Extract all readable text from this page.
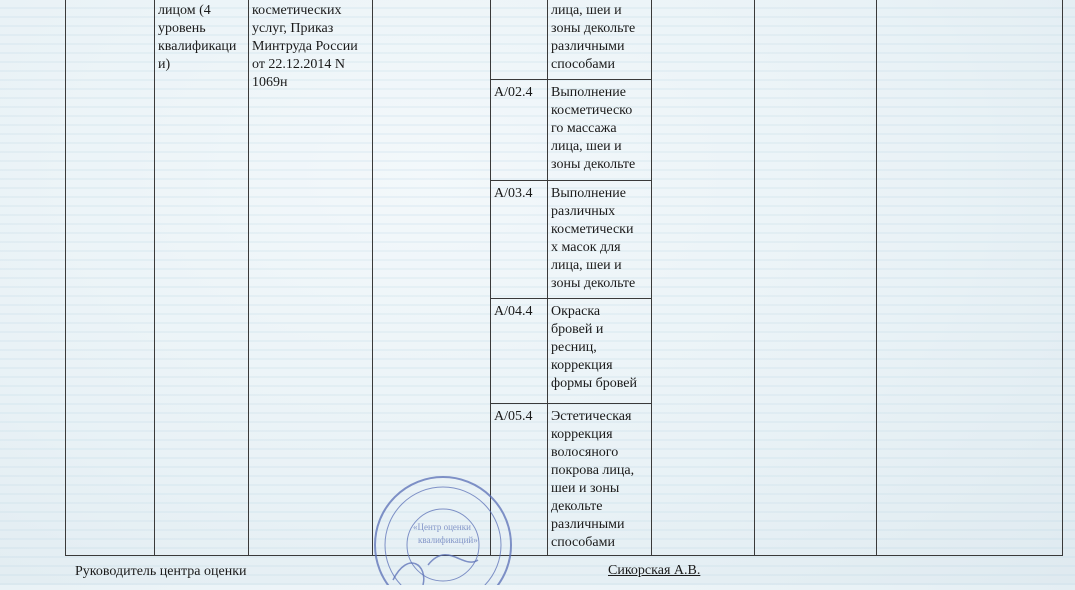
лицом (4
уровень
квалификаци
и)
косметических
услуг, Приказ
Минтруда России
от 22.12.2014 N
1069н
лица, шеи и
зоны декольте
различными
способами
A/02.4 Выполнение
косметическо
го массажа
лица, шеи и
зоны декольте
A/03.4 Выполнение
различных
косметически
х масок для
лица, шеи и
зоны декольте
A/04.4 Окраска
бровей и
ресниц,
коррекция
формы бровей
A/05.4 Эстетическая
коррекция
волосяного
покрова лица,
шеи и зоны
декольте
различными
способами
«Центр оценки
квалификаций»
Руководитель центра оценки	Сикорская А.В.
